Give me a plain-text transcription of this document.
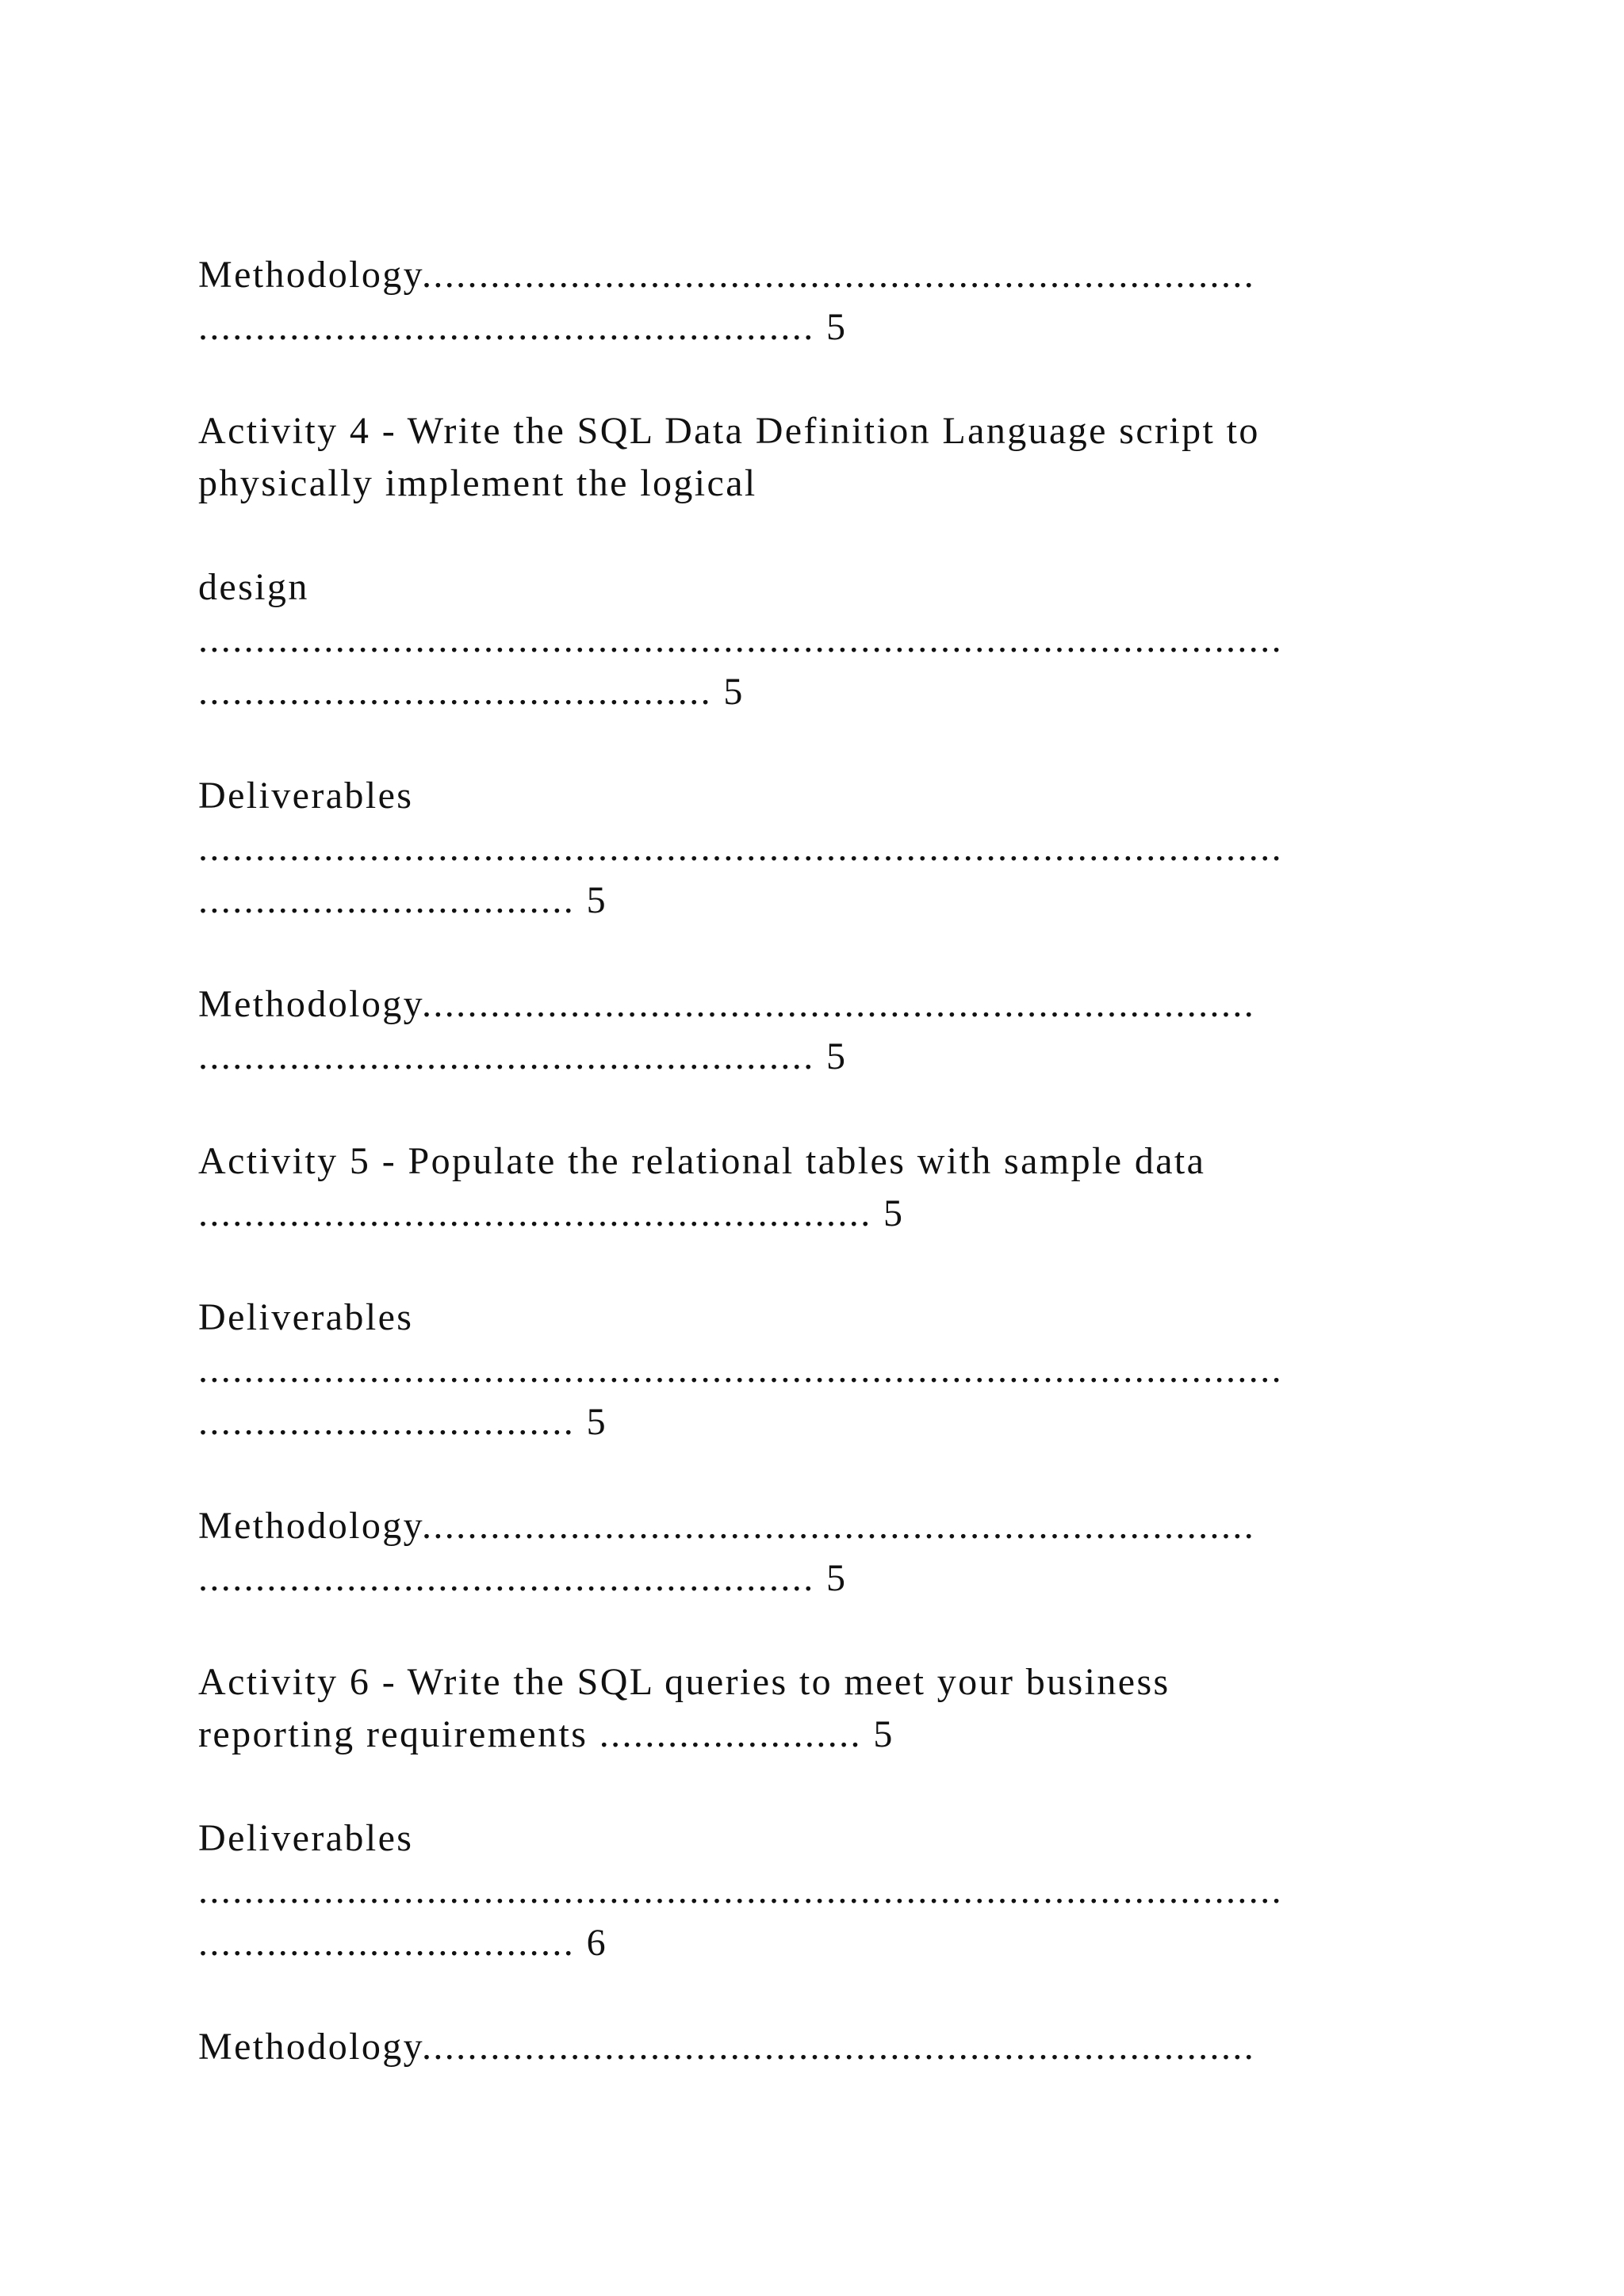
Methodology.........................................................................
...................................................... 5
Activity 4 - Write the SQL Data Definition Language script to
physically implement the logical
design
...............................................................................................
............................................. 5
Deliverables
...............................................................................................
................................. 5
Methodology.........................................................................
...................................................... 5
Activity 5 - Populate the relational tables with sample data
........................................................... 5
Deliverables
...............................................................................................
................................. 5
Methodology.........................................................................
...................................................... 5
Activity 6 - Write the SQL queries to meet your business
reporting requirements ....................... 5
Deliverables
...............................................................................................
................................. 6
Methodology.........................................................................
